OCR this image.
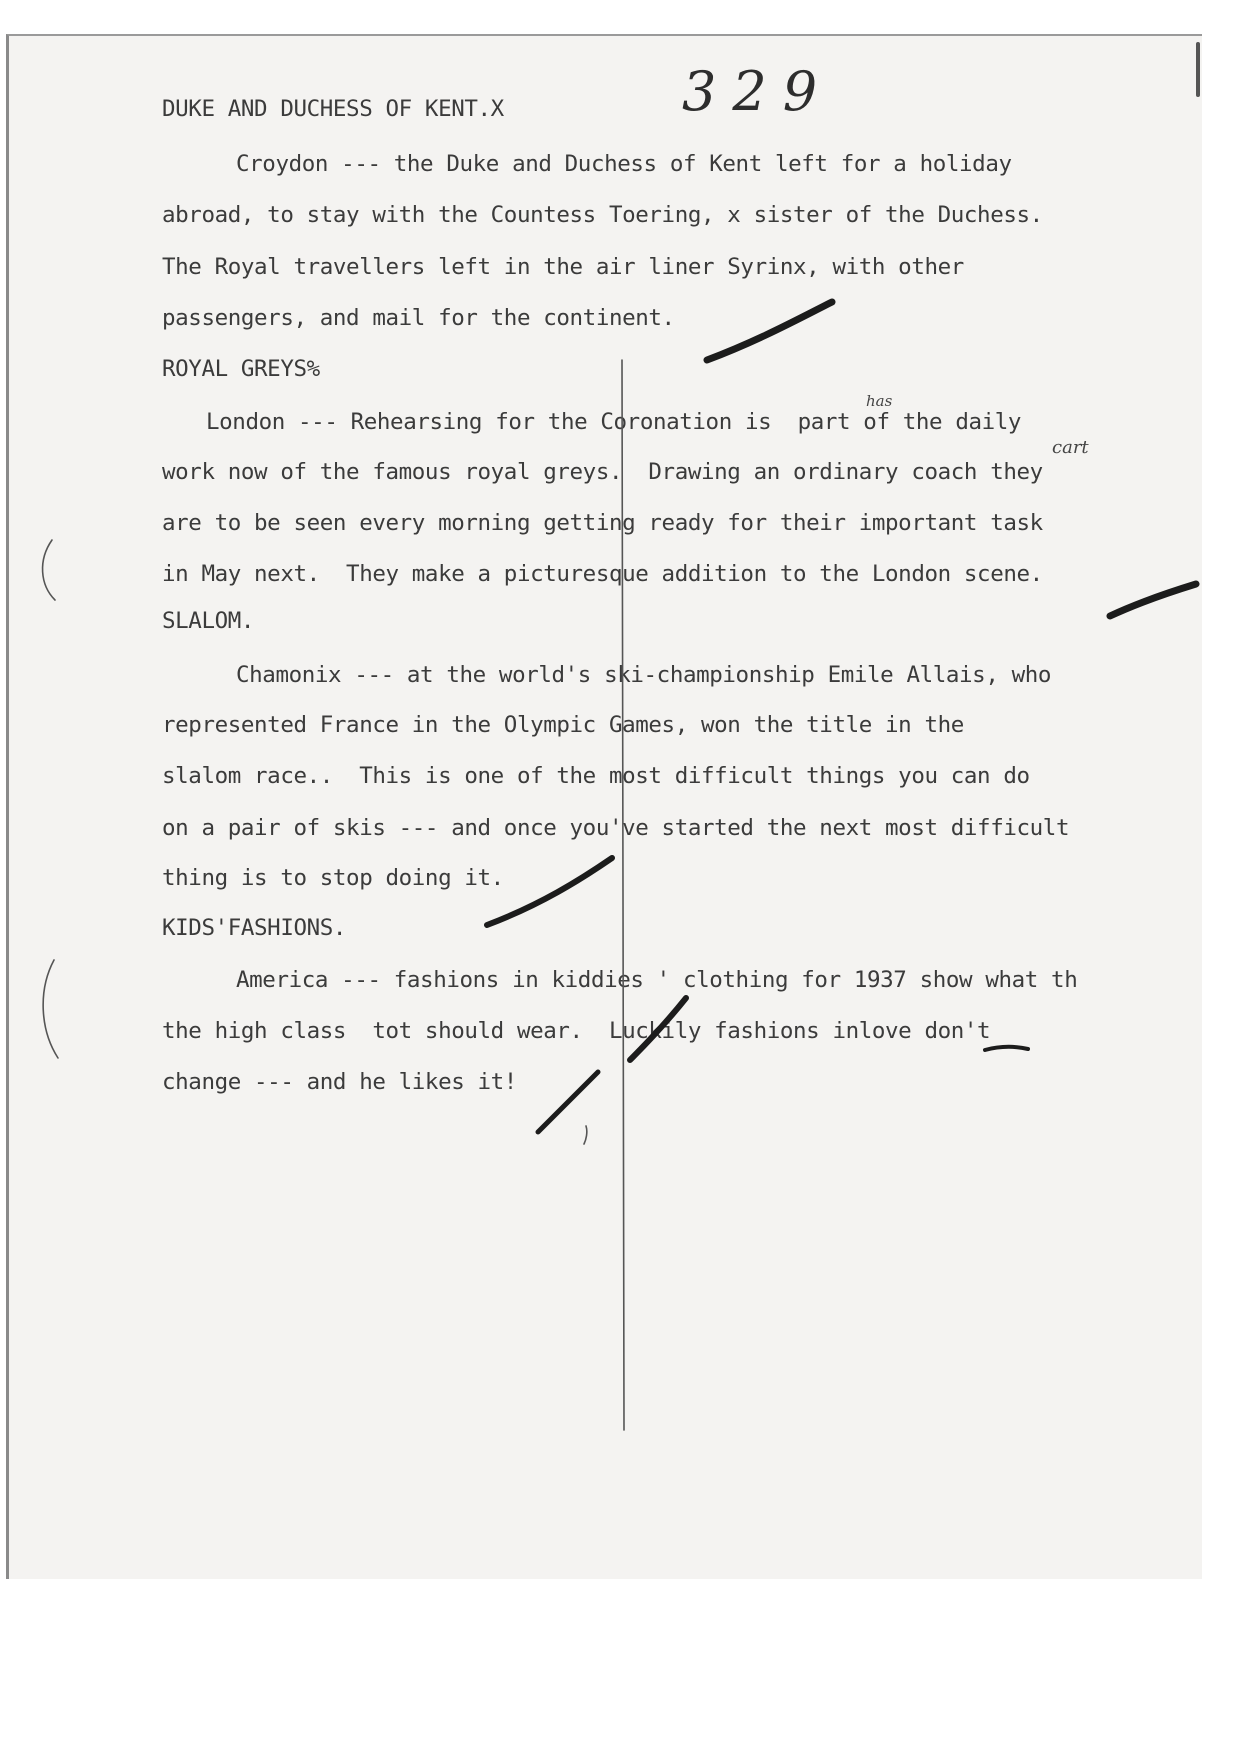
329
has
cart

DUKE AND DUCHESS OF KENT.X

Croydon --- the Duke and Duchess of Kent left for a holiday

abroad, to stay with the Countess Toering, x sister of the Duchess.

The Royal travellers left in the air liner Syrinx, with other

passengers, and mail for the continent.

ROYAL GREYS%

London --- Rehearsing for the Coronation is  part of the daily

work now of the famous royal greys.  Drawing an ordinary coach they

are to be seen every morning getting ready for their important task

in May next.  They make a picturesque addition to the London scene.

SLALOM.

Chamonix --- at the world's ski-championship Emile Allais, who

represented France in the Olympic Games, won the title in the

slalom race..  This is one of the most difficult things you can do

on a pair of skis --- and once you've started the next most difficult

thing is to stop doing it.

KIDS'FASHIONS.

America --- fashions in kiddies ' clothing for 1937 show what th

the high class  tot should wear.  Luckily fashions inlove don't

change --- and he likes it!
